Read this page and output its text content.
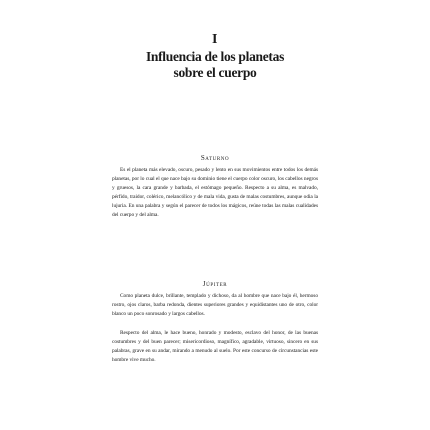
I
Influencia de los planetas
sobre el cuerpo
Saturno

Es el planeta más elevado, oscuro, pesado y lento en sus movimientos entre todos los demás planetas, por lo cual el que nace bajo su dominio tiene el cuerpo color oscuro, los cabellos negros y gruesos, la cara grande y barbada, el estómago pequeño. Respecto a su alma, es malvado, pérfido, traidor, colérico, melancólico y de mala vida, gusta de malas costumbres, aunque odia la lujuria. En una palabra y según el parecer de todos los mágicos, reúne todas las malas cualidades del cuerpo y del alma.

Júpiter

Como planeta dulce, brillante, templado y dichoso, da al hombre que nace bajo él, hermoso rostro, ojos claros, barba redonda, dientes superiores grandes y equidistantes uno de otro, color blanco un poco sonrosado y largos cabellos.

Respecto del alma, le hace bueno, honrado y modesto, esclavo del honor, de las buenas costumbres y del buen parecer; misericordioso, magnífico, agradable, virtuoso, sincero en sus palabras, grave en su andar, mirando a menudo al suelo. Por este concurso de circunstancias este hombre vive mucho.
